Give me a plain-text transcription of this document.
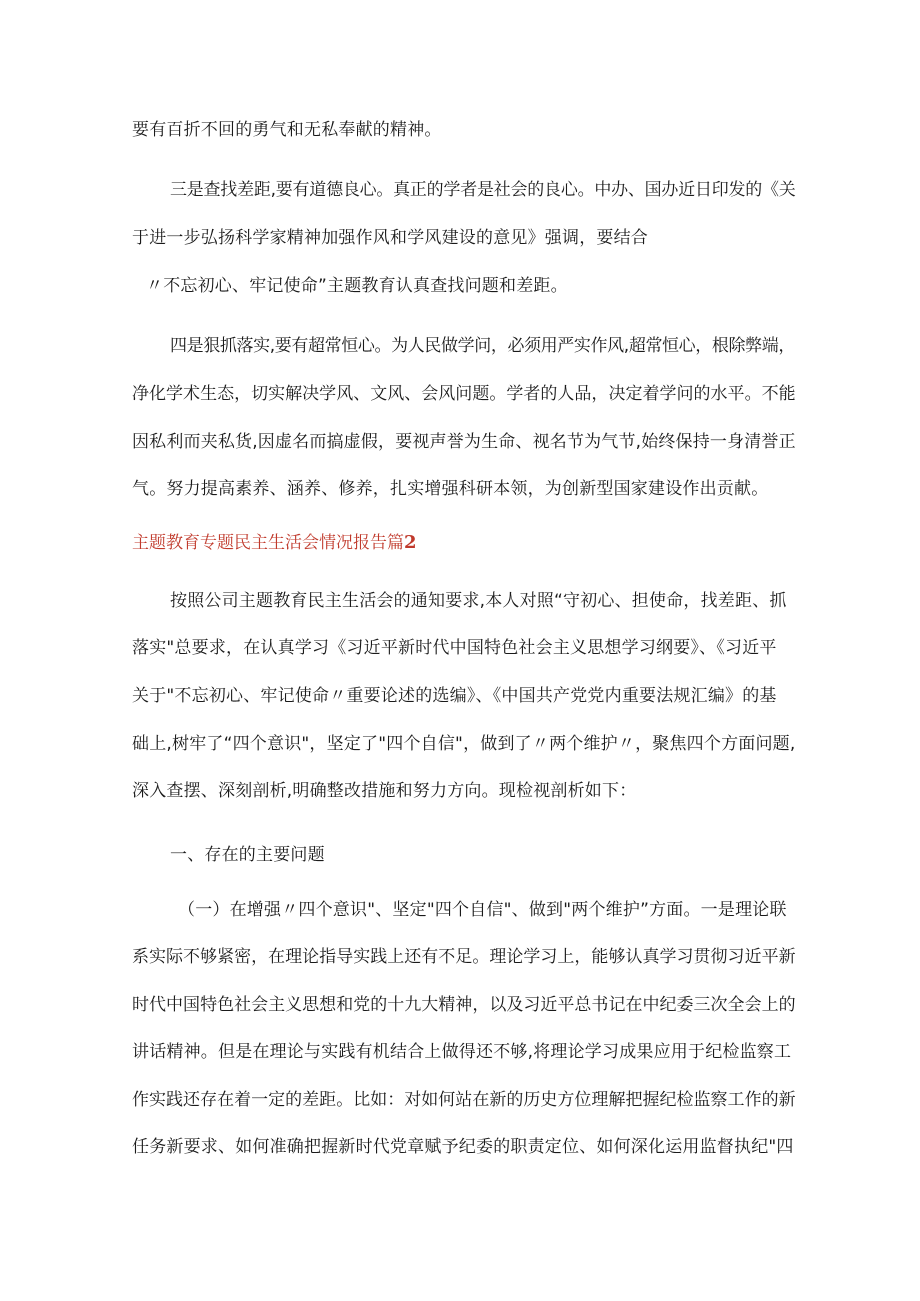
要有百折不回的勇气和无私奉献的精神。
三是查找差距,要有道德良心。真正的学者是社会的良心。中办、国办近日印发的《关
于进一步弘扬科学家精神加强作风和学风建设的意见》强调，要结合
〃不忘初心、牢记使命”主题教育认真查找问题和差距。
四是狠抓落实,要有超常恒心。为人民做学问，必须用严实作风,超常恒心，根除弊端，
净化学术生态，切实解决学风、文风、会风问题。学者的人品，决定着学问的水平。不能
因私利而夹私货,因虚名而搞虚假，要视声誉为生命、视名节为气节,始终保持一身清誉正
气。努力提高素养、涵养、修养，扎实增强科研本领，为创新型国家建设作出贡献。
主题教育专题民主生活会情况报告篇2
按照公司主题教育民主生活会的通知要求,本人对照“守初心、担使命，找差距、抓
落实"总要求，在认真学习《习近平新时代中国特色社会主义思想学习纲要》、《习近平
关于"不忘初心、牢记使命〃重要论述的选编》、《中国共产党党内重要法规汇编》的基
础上,树牢了“四个意识"，坚定了"四个自信"，做到了〃两个维护〃，聚焦四个方面问题,
深入查摆、深刻剖析,明确整改措施和努力方向。现检视剖析如下：
一、存在的主要问题
（一）在增强〃四个意识"、坚定"四个自信"、做到"两个维护”方面。一是理论联
系实际不够紧密，在理论指导实践上还有不足。理论学习上，能够认真学习贯彻习近平新
时代中国特色社会主义思想和党的十九大精神，以及习近平总书记在中纪委三次全会上的
讲话精神。但是在理论与实践有机结合上做得还不够,将理论学习成果应用于纪检监察工
作实践还存在着一定的差距。比如：对如何站在新的历史方位理解把握纪检监察工作的新
任务新要求、如何准确把握新时代党章赋予纪委的职责定位、如何深化运用监督执纪"四
